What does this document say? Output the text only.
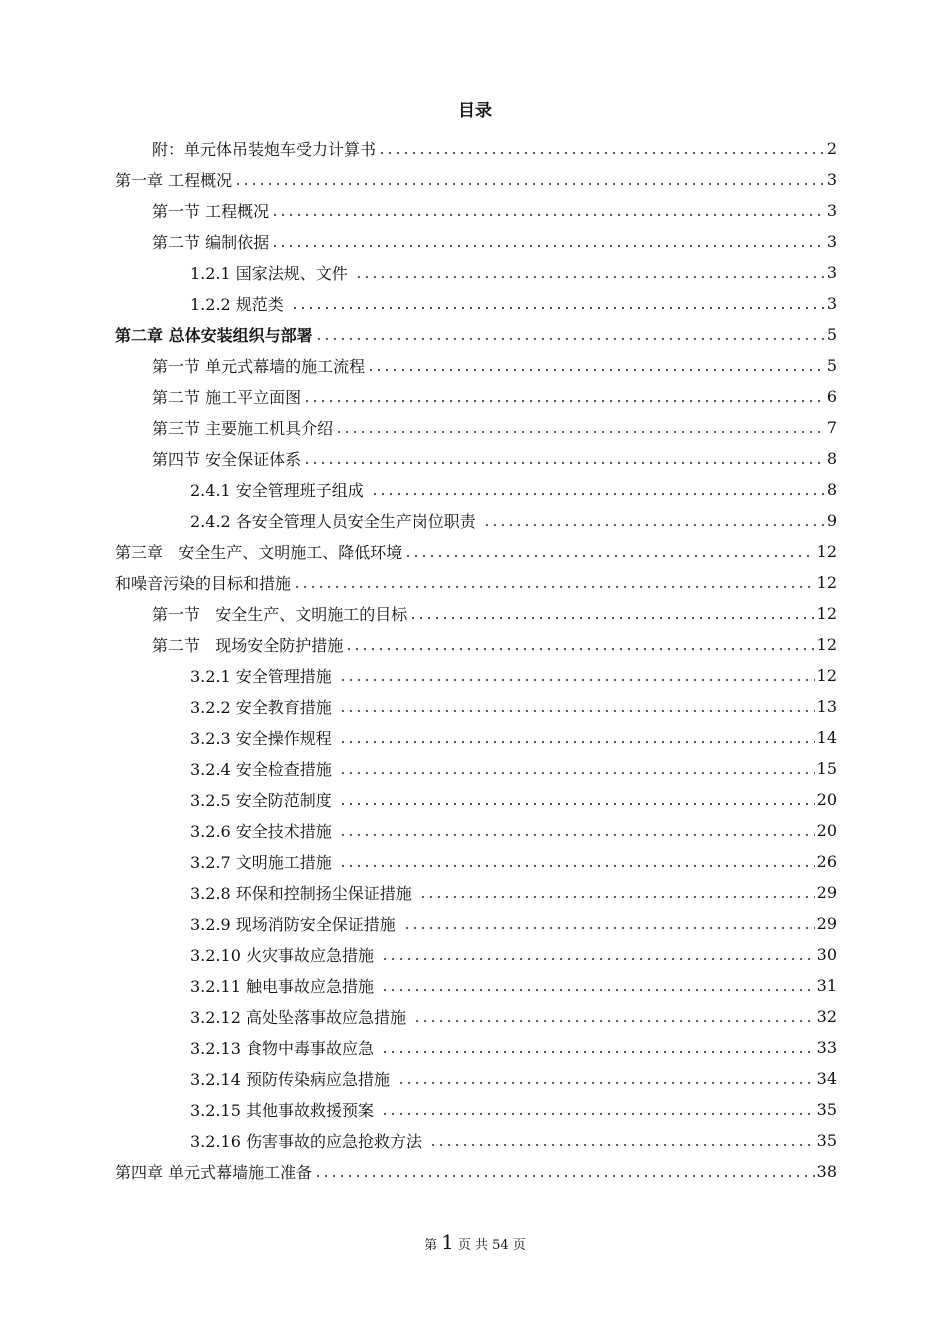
目录
附：单元体吊装炮车受力计算书	2
第一章 工程概况	3
第一节 工程概况	3
第二节 编制依据	3
1.2.1 国家法规、文件	3
1.2.2 规范类	3
第二章 总体安装组织与部署	5
第一节 单元式幕墙的施工流程	5
第二节 施工平立面图	6
第三节 主要施工机具介绍	7
第四节 安全保证体系	8
2.4.1 安全管理班子组成	8
2.4.2 各安全管理人员安全生产岗位职责	9
第三章   安全生产、文明施工、降低环境	12
和噪音污染的目标和措施	12
第一节   安全生产、文明施工的目标	12
第二节   现场安全防护措施	12
3.2.1 安全管理措施	12
3.2.2 安全教育措施	13
3.2.3 安全操作规程	14
3.2.4 安全检查措施	15
3.2.5 安全防范制度	20
3.2.6 安全技术措施	20
3.2.7 文明施工措施	26
3.2.8 环保和控制扬尘保证措施	29
3.2.9 现场消防安全保证措施	29
3.2.10 火灾事故应急措施	30
3.2.11 触电事故应急措施	31
3.2.12 高处坠落事故应急措施	32
3.2.13 食物中毒事故应急	33
3.2.14 预防传染病应急措施	34
3.2.15 其他事故救援预案	35
3.2.16 伤害事故的应急抢救方法	35
第四章 单元式幕墙施工准备	38
第 1 页 共 54 页
